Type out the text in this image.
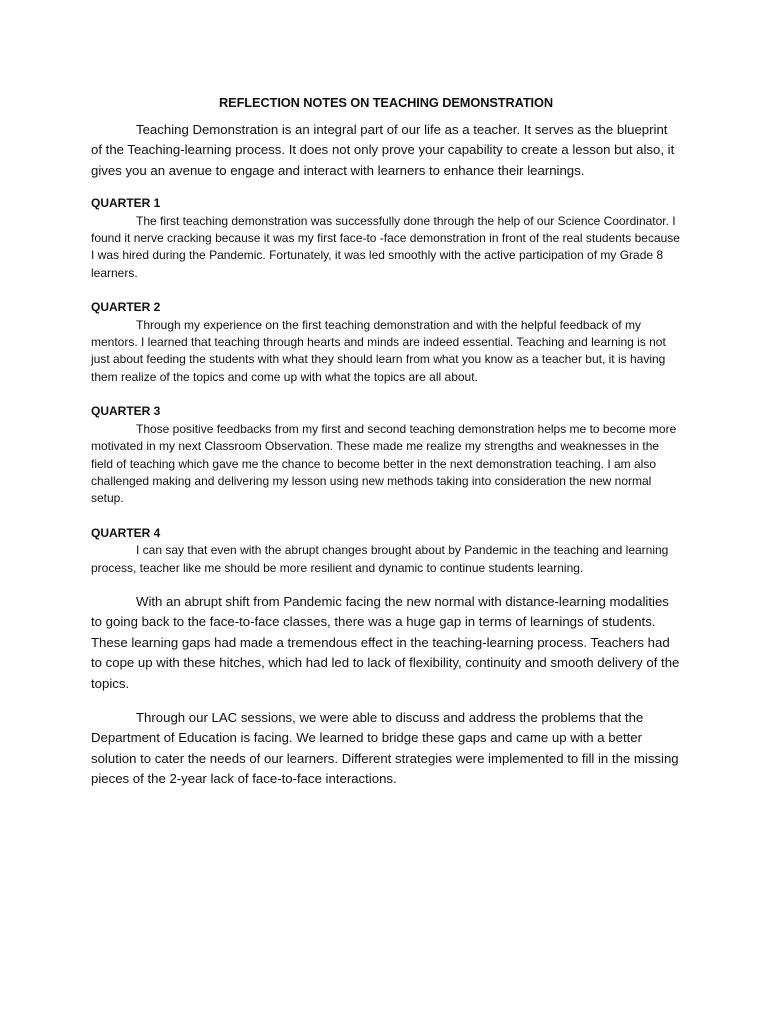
REFLECTION NOTES ON TEACHING DEMONSTRATION

Teaching Demonstration is an integral part of our life as a teacher. It serves as the blueprint of the Teaching-learning process. It does not only prove your capability to create a lesson but also, it gives you an avenue to engage and interact with learners to enhance their learnings.

QUARTER 1

The first teaching demonstration was successfully done through the help of our Science Coordinator. I found it nerve cracking because it was my first face-to -face demonstration in front of the real students because I was hired during the Pandemic. Fortunately, it was led smoothly with the active participation of my Grade 8 learners.

QUARTER 2

Through my experience on the first teaching demonstration and with the helpful feedback of my mentors. I learned that teaching through hearts and minds are indeed essential. Teaching and learning is not just about feeding the students with what they should learn from what you know as a teacher but, it is having them realize of the topics and come up with what the topics are all about.

QUARTER 3

Those positive feedbacks from my first and second teaching demonstration helps me to become more motivated in my next Classroom Observation. These made me realize my strengths and weaknesses in the field of teaching which gave me the chance to become better in the next demonstration teaching. I am also challenged making and delivering my lesson using new methods taking into consideration the new normal setup.

QUARTER 4

I can say that even with the abrupt changes brought about by Pandemic in the teaching and learning process, teacher like me should be more resilient and dynamic to continue students learning.

With an abrupt shift from Pandemic facing the new normal with distance-learning modalities to going back to the face-to-face classes, there was a huge gap in terms of learnings of students. These learning gaps had made a tremendous effect in the teaching-learning process. Teachers had to cope up with these hitches, which had led to lack of flexibility, continuity and smooth delivery of the topics.

Through our LAC sessions, we were able to discuss and address the problems that the Department of Education is facing. We learned to bridge these gaps and came up with a better solution to cater the needs of our learners. Different strategies were implemented to fill in the missing pieces of the 2-year lack of face-to-face interactions.
